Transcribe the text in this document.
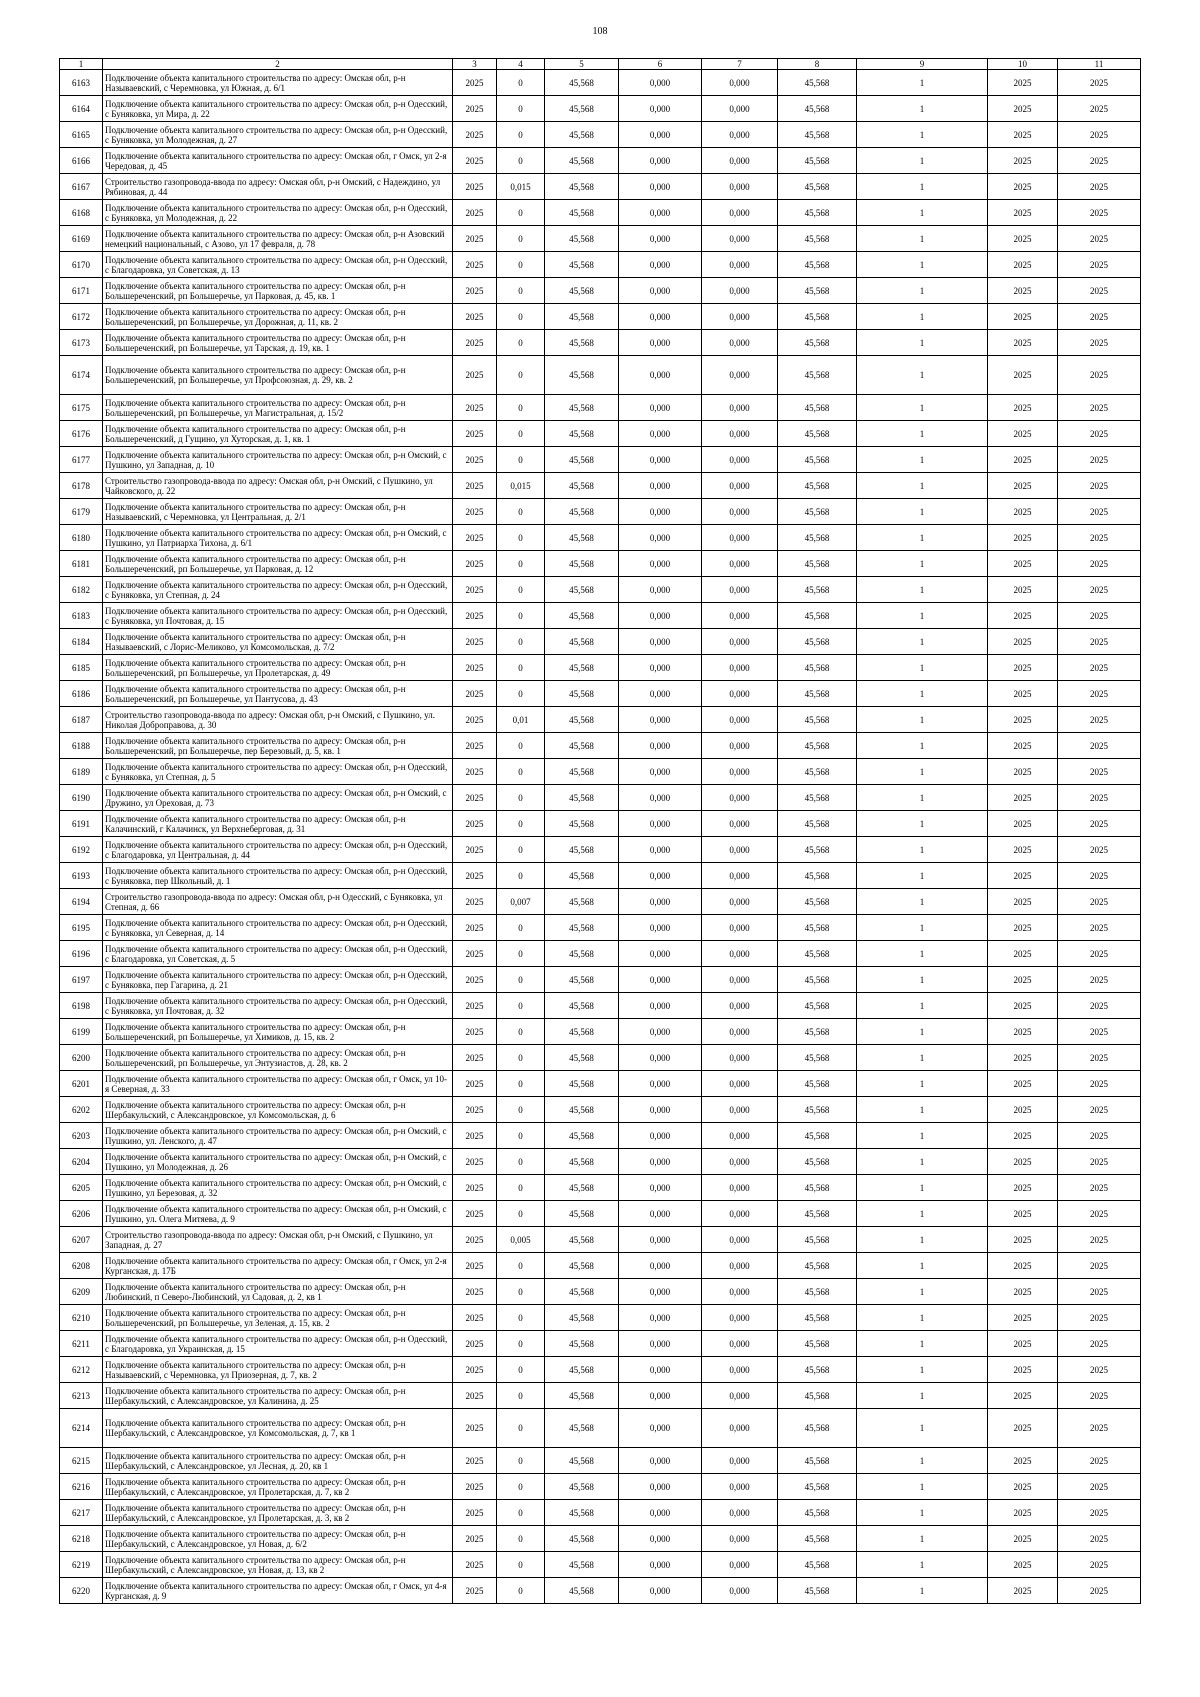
108
1	2	3	4	5	6	7	8	9	10	11
6163	Подключение объекта капитального строительства по адресу: Омская обл, р-н Называевский, с Черемновка, ул Южная, д. 6/1	2025	0	45,568	0,000	0,000	45,568	1	2025	2025
6164	Подключение объекта капитального строительства по адресу: Омская обл, р-н Одесский, с Буняковка, ул Мира, д. 22	2025	0	45,568	0,000	0,000	45,568	1	2025	2025
6165	Подключение объекта капитального строительства по адресу: Омская обл, р-н Одесский, с Буняковка, ул Молодежная, д. 27	2025	0	45,568	0,000	0,000	45,568	1	2025	2025
6166	Подключение объекта капитального строительства по адресу: Омская обл, г Омск, ул 2-я Чередовая, д. 45	2025	0	45,568	0,000	0,000	45,568	1	2025	2025
6167	Строительство газопровода-ввода по адресу: Омская обл, р-н Омский, с Надеждино, ул Рябиновая, д. 44	2025	0,015	45,568	0,000	0,000	45,568	1	2025	2025
6168	Подключение объекта капитального строительства по адресу: Омская обл, р-н Одесский, с Буняковка, ул Молодежная, д. 22	2025	0	45,568	0,000	0,000	45,568	1	2025	2025
6169	Подключение объекта капитального строительства по адресу: Омская обл, р-н Азовский немецкий национальный, с Азово, ул 17 февраля, д. 78	2025	0	45,568	0,000	0,000	45,568	1	2025	2025
6170	Подключение объекта капитального строительства по адресу: Омская обл, р-н Одесский, с Благодаровка, ул Советская, д. 13	2025	0	45,568	0,000	0,000	45,568	1	2025	2025
6171	Подключение объекта капитального строительства по адресу: Омская обл, р-н Большереченский, рп Большеречье, ул Парковая, д. 45, кв. 1	2025	0	45,568	0,000	0,000	45,568	1	2025	2025
6172	Подключение объекта капитального строительства по адресу: Омская обл, р-н Большереченский, рп Большеречье, ул Дорожная, д. 11, кв. 2	2025	0	45,568	0,000	0,000	45,568	1	2025	2025
6173	Подключение объекта капитального строительства по адресу: Омская обл, р-н Большереченский, рп Большеречье, ул Тарская, д. 19, кв. 1	2025	0	45,568	0,000	0,000	45,568	1	2025	2025
6174	Подключение объекта капитального строительства по адресу: Омская обл, р-н Большереченский, рп Большеречье, ул Профсоюзная, д. 29, кв. 2	2025	0	45,568	0,000	0,000	45,568	1	2025	2025
6175	Подключение объекта капитального строительства по адресу: Омская обл, р-н Большереченский, рп Большеречье, ул Магистральная, д. 15/2	2025	0	45,568	0,000	0,000	45,568	1	2025	2025
6176	Подключение объекта капитального строительства по адресу: Омская обл, р-н Большереченский, д Гущино, ул Хуторская, д. 1, кв. 1	2025	0	45,568	0,000	0,000	45,568	1	2025	2025
6177	Подключение объекта капитального строительства по адресу: Омская обл, р-н Омский, с Пушкино, ул Западная, д. 10	2025	0	45,568	0,000	0,000	45,568	1	2025	2025
6178	Строительство газопровода-ввода по адресу: Омская обл, р-н Омский, с Пушкино, ул Чайковского, д. 22	2025	0,015	45,568	0,000	0,000	45,568	1	2025	2025
6179	Подключение объекта капитального строительства по адресу: Омская обл, р-н Называевский, с Черемновка, ул Центральная, д. 2/1	2025	0	45,568	0,000	0,000	45,568	1	2025	2025
6180	Подключение объекта капитального строительства по адресу: Омская обл, р-н Омский, с Пушкино, ул Патриарха Тихона, д. 6/1	2025	0	45,568	0,000	0,000	45,568	1	2025	2025
6181	Подключение объекта капитального строительства по адресу: Омская обл, р-н Большереченский, рп Большеречье, ул Парковая, д. 12	2025	0	45,568	0,000	0,000	45,568	1	2025	2025
6182	Подключение объекта капитального строительства по адресу: Омская обл, р-н Одесский, с Буняковка, ул Степная, д. 24	2025	0	45,568	0,000	0,000	45,568	1	2025	2025
6183	Подключение объекта капитального строительства по адресу: Омская обл, р-н Одесский, с Буняковка, ул Почтовая, д. 15	2025	0	45,568	0,000	0,000	45,568	1	2025	2025
6184	Подключение объекта капитального строительства по адресу: Омская обл, р-н Называевский, с Лорис-Меликово, ул Комсомольская, д. 7/2	2025	0	45,568	0,000	0,000	45,568	1	2025	2025
6185	Подключение объекта капитального строительства по адресу: Омская обл, р-н Большереченский, рп Большеречье, ул Пролетарская, д. 49	2025	0	45,568	0,000	0,000	45,568	1	2025	2025
6186	Подключение объекта капитального строительства по адресу: Омская обл, р-н Большереченский, рп Большеречье, ул Пантусова, д. 43	2025	0	45,568	0,000	0,000	45,568	1	2025	2025
6187	Строительство газопровода-ввода по адресу: Омская обл, р-н Омский, с Пушкино, ул. Николая Доброправова, д. 30	2025	0,01	45,568	0,000	0,000	45,568	1	2025	2025
6188	Подключение объекта капитального строительства по адресу: Омская обл, р-н Большереченский, рп Большеречье, пер Березовый, д. 5, кв. 1	2025	0	45,568	0,000	0,000	45,568	1	2025	2025
6189	Подключение объекта капитального строительства по адресу: Омская обл, р-н Одесский, с Буняковка, ул Степная, д. 5	2025	0	45,568	0,000	0,000	45,568	1	2025	2025
6190	Подключение объекта капитального строительства по адресу: Омская обл, р-н Омский, с Дружино, ул Ореховая, д. 73	2025	0	45,568	0,000	0,000	45,568	1	2025	2025
6191	Подключение объекта капитального строительства по адресу: Омская обл, р-н Калачинский, г Калачинск, ул Верхнеберговая, д. 31	2025	0	45,568	0,000	0,000	45,568	1	2025	2025
6192	Подключение объекта капитального строительства по адресу: Омская обл, р-н Одесский, с Благодаровка, ул Центральная, д. 44	2025	0	45,568	0,000	0,000	45,568	1	2025	2025
6193	Подключение объекта капитального строительства по адресу: Омская обл, р-н Одесский, с Буняковка, пер Школьный, д. 1	2025	0	45,568	0,000	0,000	45,568	1	2025	2025
6194	Строительство газопровода-ввода по адресу: Омская обл, р-н Одесский, с Буняковка, ул Степная, д. 66	2025	0,007	45,568	0,000	0,000	45,568	1	2025	2025
6195	Подключение объекта капитального строительства по адресу: Омская обл, р-н Одесский, с Буняковка, ул Северная, д. 14	2025	0	45,568	0,000	0,000	45,568	1	2025	2025
6196	Подключение объекта капитального строительства по адресу: Омская обл, р-н Одесский, с Благодаровка, ул Советская, д. 5	2025	0	45,568	0,000	0,000	45,568	1	2025	2025
6197	Подключение объекта капитального строительства по адресу: Омская обл, р-н Одесский, с Буняковка, пер Гагарина, д. 21	2025	0	45,568	0,000	0,000	45,568	1	2025	2025
6198	Подключение объекта капитального строительства по адресу: Омская обл, р-н Одесский, с Буняковка, ул Почтовая, д. 32	2025	0	45,568	0,000	0,000	45,568	1	2025	2025
6199	Подключение объекта капитального строительства по адресу: Омская обл, р-н Большереченский, рп Большеречье, ул Химиков, д. 15, кв. 2	2025	0	45,568	0,000	0,000	45,568	1	2025	2025
6200	Подключение объекта капитального строительства по адресу: Омская обл, р-н Большереченский, рп Большеречье, ул Энтузиастов, д. 28, кв. 2	2025	0	45,568	0,000	0,000	45,568	1	2025	2025
6201	Подключение объекта капитального строительства по адресу: Омская обл, г Омск, ул 10-я Северная, д. 33	2025	0	45,568	0,000	0,000	45,568	1	2025	2025
6202	Подключение объекта капитального строительства по адресу: Омская обл, р-н Шербакульский, с Александровское, ул Комсомольская, д. 6	2025	0	45,568	0,000	0,000	45,568	1	2025	2025
6203	Подключение объекта капитального строительства по адресу: Омская обл, р-н Омский, с Пушкино, ул. Ленского, д. 47	2025	0	45,568	0,000	0,000	45,568	1	2025	2025
6204	Подключение объекта капитального строительства по адресу: Омская обл, р-н Омский, с Пушкино, ул Молодежная, д. 26	2025	0	45,568	0,000	0,000	45,568	1	2025	2025
6205	Подключение объекта капитального строительства по адресу: Омская обл, р-н Омский, с Пушкино, ул Березовая, д. 32	2025	0	45,568	0,000	0,000	45,568	1	2025	2025
6206	Подключение объекта капитального строительства по адресу: Омская обл, р-н Омский, с Пушкино, ул. Олега Митяева, д. 9	2025	0	45,568	0,000	0,000	45,568	1	2025	2025
6207	Строительство газопровода-ввода по адресу: Омская обл, р-н Омский, с Пушкино, ул Западная, д. 27	2025	0,005	45,568	0,000	0,000	45,568	1	2025	2025
6208	Подключение объекта капитального строительства по адресу: Омская обл, г Омск, ул 2-я Курганская, д. 17Б	2025	0	45,568	0,000	0,000	45,568	1	2025	2025
6209	Подключение объекта капитального строительства по адресу: Омская обл, р-н Любинский, п Северо-Любинский, ул Садовая, д. 2, кв 1	2025	0	45,568	0,000	0,000	45,568	1	2025	2025
6210	Подключение объекта капитального строительства по адресу: Омская обл, р-н Большереченский, рп Большеречье, ул Зеленая, д. 15, кв. 2	2025	0	45,568	0,000	0,000	45,568	1	2025	2025
6211	Подключение объекта капитального строительства по адресу: Омская обл, р-н Одесский, с Благодаровка, ул Украинская, д. 15	2025	0	45,568	0,000	0,000	45,568	1	2025	2025
6212	Подключение объекта капитального строительства по адресу: Омская обл, р-н Называевский, с Черемновка, ул Приозерная, д. 7, кв. 2	2025	0	45,568	0,000	0,000	45,568	1	2025	2025
6213	Подключение объекта капитального строительства по адресу: Омская обл, р-н Шербакульский, с Александровское, ул Калинина, д. 25	2025	0	45,568	0,000	0,000	45,568	1	2025	2025
6214	Подключение объекта капитального строительства по адресу: Омская обл, р-н Шербакульский, с Александровское, ул Комсомольская, д. 7, кв 1	2025	0	45,568	0,000	0,000	45,568	1	2025	2025
6215	Подключение объекта капитального строительства по адресу: Омская обл, р-н Шербакульский, с Александровское, ул Лесная, д. 20, кв 1	2025	0	45,568	0,000	0,000	45,568	1	2025	2025
6216	Подключение объекта капитального строительства по адресу: Омская обл, р-н Шербакульский, с Александровское, ул Пролетарская, д. 7, кв 2	2025	0	45,568	0,000	0,000	45,568	1	2025	2025
6217	Подключение объекта капитального строительства по адресу: Омская обл, р-н Шербакульский, с Александровское, ул Пролетарская, д. 3, кв 2	2025	0	45,568	0,000	0,000	45,568	1	2025	2025
6218	Подключение объекта капитального строительства по адресу: Омская обл, р-н Шербакульский, с Александровское, ул Новая, д. 6/2	2025	0	45,568	0,000	0,000	45,568	1	2025	2025
6219	Подключение объекта капитального строительства по адресу: Омская обл, р-н Шербакульский, с Александровское, ул Новая, д. 13, кв 2	2025	0	45,568	0,000	0,000	45,568	1	2025	2025
6220	Подключение объекта капитального строительства по адресу: Омская обл, г Омск, ул 4-я Курганская, д. 9	2025	0	45,568	0,000	0,000	45,568	1	2025	2025
